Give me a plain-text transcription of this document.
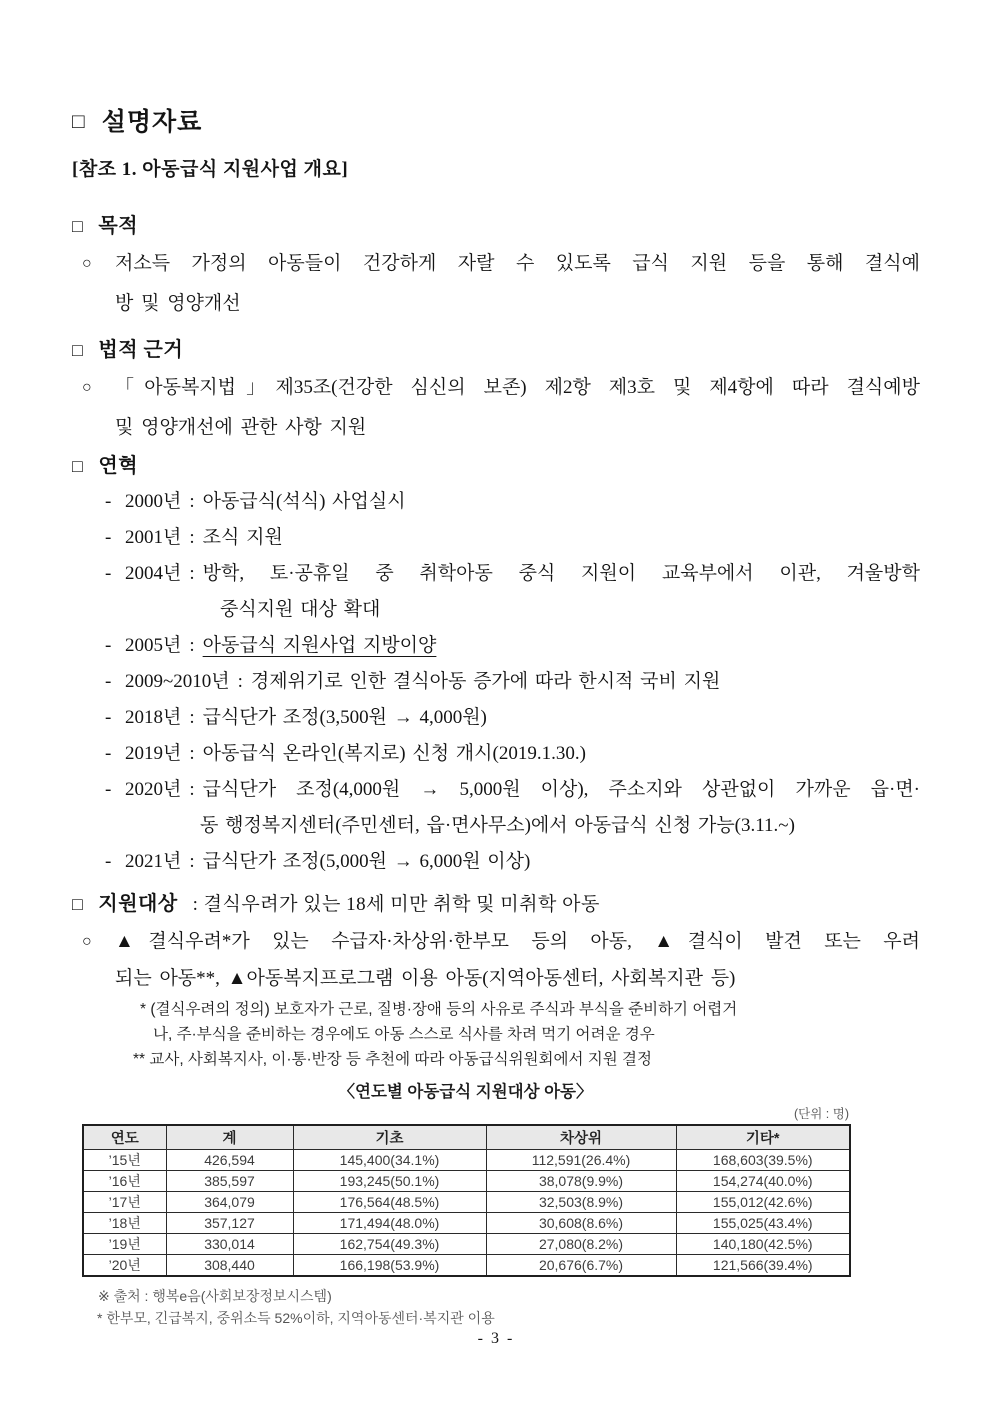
□ 설명자료
[참조 1. 아동급식 지원사업 개요]
□ 목적
○	저소득 가정의 아동들이 건강하게 자랄 수 있도록 급식 지원 등을 통해 결식예
방 및 영양개선
□ 법적 근거
○	「아동복지법」제35조(건강한 심신의 보존) 제2항 제3호 및 제4항에 따라 결식예방
및 영양개선에 관한 사항 지원
□ 연혁
- 2000년 : 아동급식(석식) 사업실시
- 2001년 : 조식 지원
- 2004년 : 방학, 토·공휴일 중 취학아동 중식 지원이 교육부에서 이관, 겨울방학
중식지원 대상 확대
- 2005년 : 아동급식 지원사업 지방이양
- 2009~2010년 : 경제위기로 인한 결식아동 증가에 따라 한시적 국비 지원
- 2018년 : 급식단가 조정(3,500원 → 4,000원)
- 2019년 : 아동급식 온라인(복지로) 신청 개시(2019.1.30.)
- 2020년 : 급식단가 조정(4,000원 → 5,000원 이상), 주소지와 상관없이 가까운 읍·면·
동 행정복지센터(주민센터, 읍·면사무소)에서 아동급식 신청 가능(3.11.~)
- 2021년 : 급식단가 조정(5,000원 → 6,000원 이상)
□ 지원대상 : 결식우려가 있는 18세 미만 취학 및 미취학 아동
○	▲결식우려*가 있는 수급자·차상위·한부모 등의 아동, ▲결식이 발견 또는 우려
되는 아동**, ▲아동복지프로그램 이용 아동(지역아동센터, 사회복지관 등)
* (결식우려의 정의) 보호자가 근로, 질병·장애 등의 사유로 주식과 부식을 준비하기 어렵거
나, 주·부식을 준비하는 경우에도 아동 스스로 식사를 차려 먹기 어려운 경우
** 교사, 사회복지사, 이·통·반장 등 추천에 따라 아동급식위원회에서 지원 결정
〈연도별 아동급식 지원대상 아동〉
(단위 : 명)
연도	계	기초	차상위	기타*
’15년	426,594	145,400(34.1%)	112,591(26.4%)	168,603(39.5%)
’16년	385,597	193,245(50.1%)	38,078(9.9%)	154,274(40.0%)
’17년	364,079	176,564(48.5%)	32,503(8.9%)	155,012(42.6%)
’18년	357,127	171,494(48.0%)	30,608(8.6%)	155,025(43.4%)
’19년	330,014	162,754(49.3%)	27,080(8.2%)	140,180(42.5%)
’20년	308,440	166,198(53.9%)	20,676(6.7%)	121,566(39.4%)
※ 출처 : 행복e음(사회보장정보시스템)
* 한부모, 긴급복지, 중위소득 52%이하, 지역아동센터·복지관 이용
- 3 -
